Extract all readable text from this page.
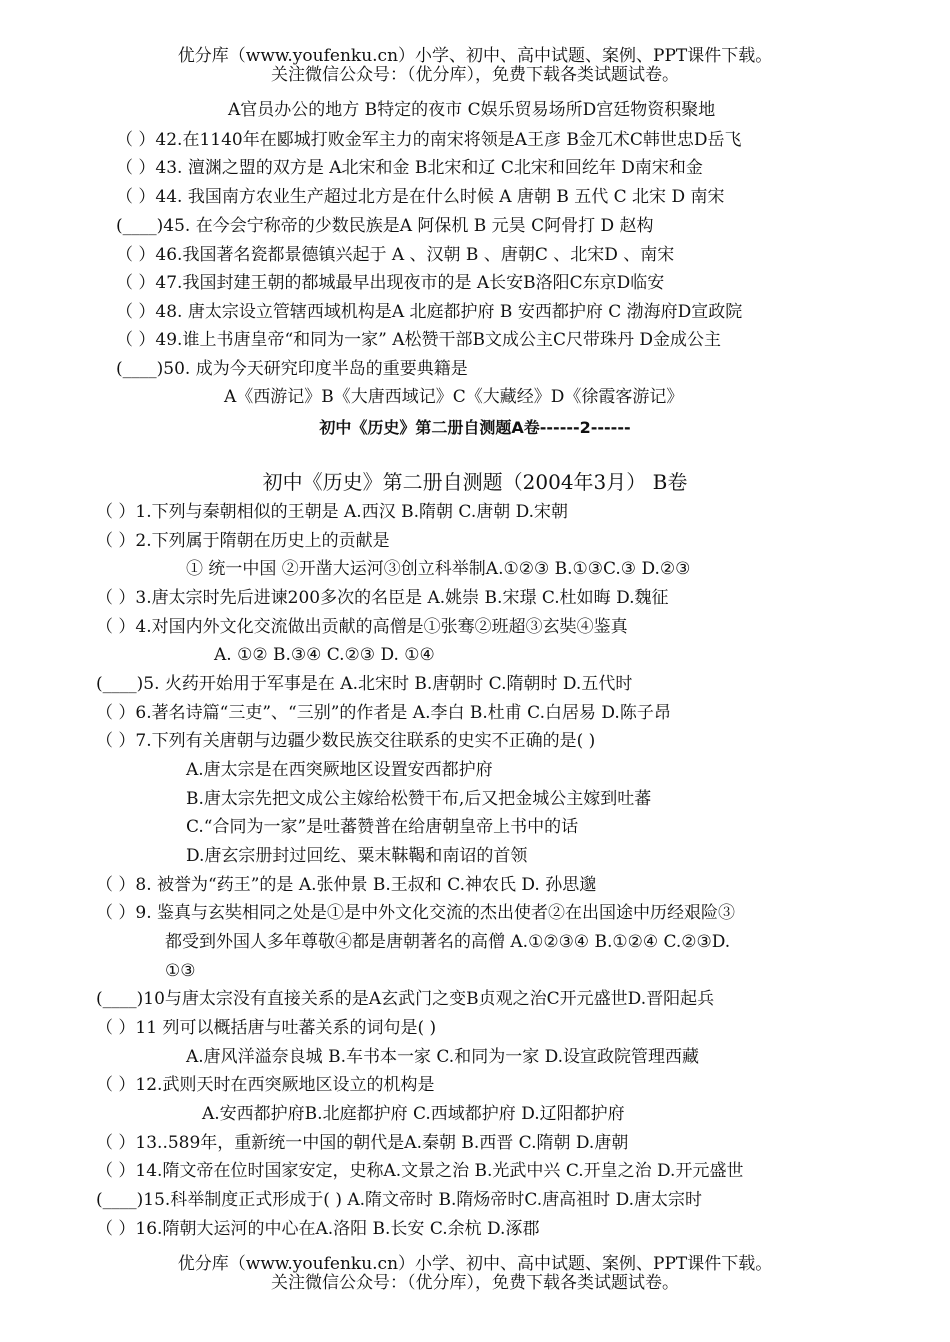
优分库（www.youfenku.cn）小学、初中、高中试题、案例、PPT课件下载。
关注微信公众号：（优分库），免费下载各类试题试卷。
A官员办公的地方 B特定的夜市 C娱乐贸易场所D宫廷物资积聚地
（ ）42.在1140年在郾城打败金军主力的南宋将领是A王彦 B金兀术C韩世忠D岳飞
（ ）43. 澶渊之盟的双方是 A北宋和金 B北宋和辽 C北宋和回纥年 D南宋和金
（ ）44. 我国南方农业生产超过北方是在什么时候 A 唐朝 B 五代 C 北宋 D 南宋
(____)45. 在今会宁称帝的少数民族是A 阿保机 B 元昊 C阿骨打 D 赵构
（ ）46.我国著名瓷都景德镇兴起于 A 、汉朝 B 、唐朝C 、北宋D 、南宋
（ ）47.我国封建王朝的都城最早出现夜市的是 A长安B洛阳C东京D临安
（ ）48. 唐太宗设立管辖西域机构是A 北庭都护府 B 安西都护府 C 渤海府D宣政院
（ ）49.谁上书唐皇帝“和同为一家” A松赞干部B文成公主C尺带珠丹 D金成公主
(____)50. 成为今天研究印度半岛的重要典籍是
A《西游记》B《大唐西域记》C《大藏经》D《徐霞客游记》
初中《历史》第二册自测题A卷------2------
初中《历史》第二册自测题（2004年3月） B卷
（ ）1.下列与秦朝相似的王朝是 A.西汉 B.隋朝 C.唐朝 D.宋朝
（ ）2.下列属于隋朝在历史上的贡献是
① 统一中国 ②开凿大运河③创立科举制A.①②③ B.①③C.③ D.②③
（ ）3.唐太宗时先后进谏200多次的名臣是 A.姚崇 B.宋璟 C.杜如晦 D.魏征
（ ）4.对国内外文化交流做出贡献的高僧是①张骞②班超③玄奘④鉴真
A. ①② B.③④ C.②③ D. ①④
(____)5. 火药开始用于军事是在 A.北宋时 B.唐朝时 C.隋朝时 D.五代时
（ ）6.著名诗篇“三吏”、“三别”的作者是 A.李白 B.杜甫 C.白居易 D.陈子昂
（ ）7.下列有关唐朝与边疆少数民族交往联系的史实不正确的是( )
A.唐太宗是在西突厥地区设置安西都护府
B.唐太宗先把文成公主嫁给松赞干布,后又把金城公主嫁到吐蕃
C.“合同为一家”是吐蕃赞普在给唐朝皇帝上书中的话
D.唐玄宗册封过回纥、粟末靺鞨和南诏的首领
（ ）8. 被誉为“药王”的是 A.张仲景 B.王叔和 C.神农氏 D. 孙思邈
（ ）9. 鉴真与玄奘相同之处是①是中外文化交流的杰出使者②在出国途中历经艰险③
都受到外国人多年尊敬④都是唐朝著名的高僧 A.①②③④ B.①②④ C.②③D.
①③
(____)10与唐太宗没有直接关系的是A玄武门之变B贞观之治C开元盛世D.晋阳起兵
（ ）11 列可以概括唐与吐蕃关系的词句是( )
A.唐风洋溢奈良城 B.车书本一家 C.和同为一家 D.设宣政院管理西藏
（ ）12.武则天时在西突厥地区设立的机构是
A.安西都护府B.北庭都护府 C.西域都护府 D.辽阳都护府
（ ）13..589年，重新统一中国的朝代是A.秦朝 B.西晋 C.隋朝 D.唐朝
（ ）14.隋文帝在位时国家安定，史称A.文景之治 B.光武中兴 C.开皇之治 D.开元盛世
(____)15.科举制度正式形成于( ) A.隋文帝时 B.隋炀帝时C.唐高祖时 D.唐太宗时
（ ）16.隋朝大运河的中心在A.洛阳 B.长安 C.余杭 D.涿郡
优分库（www.youfenku.cn）小学、初中、高中试题、案例、PPT课件下载。
关注微信公众号：（优分库），免费下载各类试题试卷。
